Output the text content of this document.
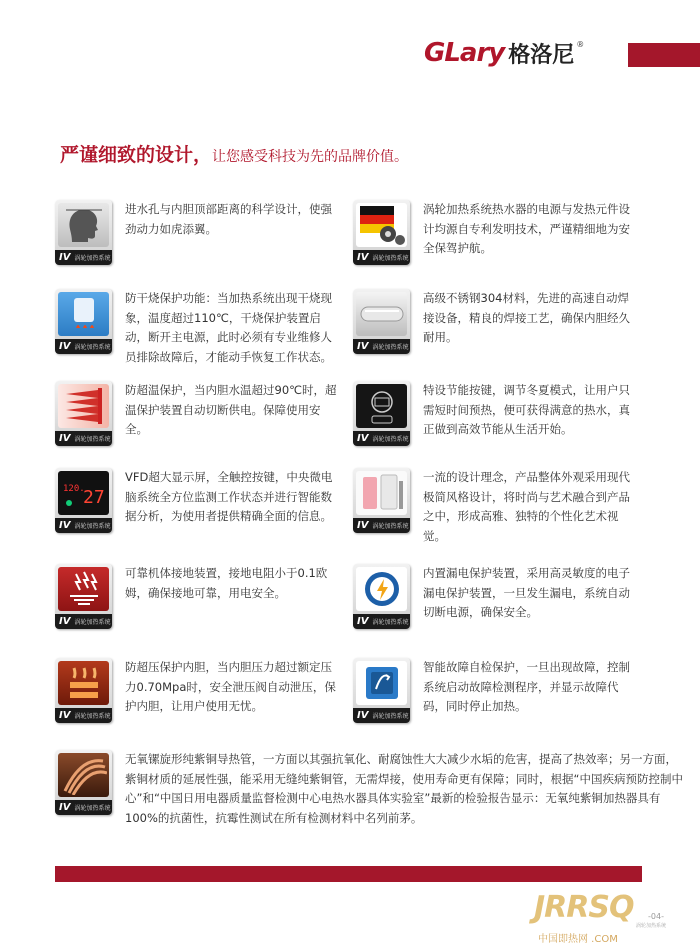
GLary 格洛尼 ®
严谨细致的设计，让您感受科技为先的品牌价值。
IV 涡轮加热系统
进水孔与内胆顶部距离的科学设计，使强劲动力如虎添翼。
IV 涡轮加热系统
防干烧保护功能：当加热系统出现干烧现象，温度超过110℃，干烧保护装置启动，断开主电源，此时必须有专业维修人员排除故障后，才能动手恢复工作状态。
IV 涡轮加热系统
防超温保护，当内胆水温超过90℃时，超温保护装置自动切断供电。保障使用安全。
120.
27
IV 涡轮加热系统
VFD超大显示屏，全触控按键，中央微电脑系统全方位监测工作状态并进行智能数据分析，为使用者提供精确全面的信息。
IV 涡轮加热系统
可靠机体接地装置，接地电阻小于0.1欧姆，确保接地可靠，用电安全。
IV 涡轮加热系统
防超压保护内胆，当内胆压力超过额定压力0.70Mpa时，安全泄压阀自动泄压，保护内胆，让用户使用无忧。
IV 涡轮加热系统
涡轮加热系统热水器的电源与发热元件设计均源自专利发明技术，严谨精细地为安全保驾护航。
IV 涡轮加热系统
高级不锈钢304材料，先进的高速自动焊接设备，精良的焊接工艺，确保内胆经久耐用。
IV 涡轮加热系统
特设节能按键，调节冬夏模式，让用户只需短时间预热，便可获得满意的热水，真正做到高效节能从生活开始。
IV 涡轮加热系统
一流的设计理念，产品整体外观采用现代极简风格设计，将时尚与艺术融合到产品之中，形成高雅、独特的个性化艺术视觉。
IV 涡轮加热系统
内置漏电保护装置，采用高灵敏度的电子漏电保护装置，一旦发生漏电，系统自动切断电源，确保安全。
IV 涡轮加热系统
智能故障自检保护，一旦出现故障，控制系统启动故障检测程序，并显示故障代码，同时停止加热。
IV 涡轮加热系统
无氧镙旋形纯紫铜导热管，一方面以其强抗氧化、耐腐蚀性大大减少水垢的危害，提高了热效率；另一方面，紫铜材质的延展性强，能采用无缝纯紫铜管，无需焊接，使用寿命更有保障；同时，根据“中国疾病预防控制中心”和“中国日用电器质量监督检测中心电热水器具体实验室”最新的检验报告显示：无氧纯紫铜加热器具有100%的抗菌性，抗霉性测试在所有检测材料中名列前茅。
JRRSQ
中国即热网 .COM
-04-
涡轮加热系统
